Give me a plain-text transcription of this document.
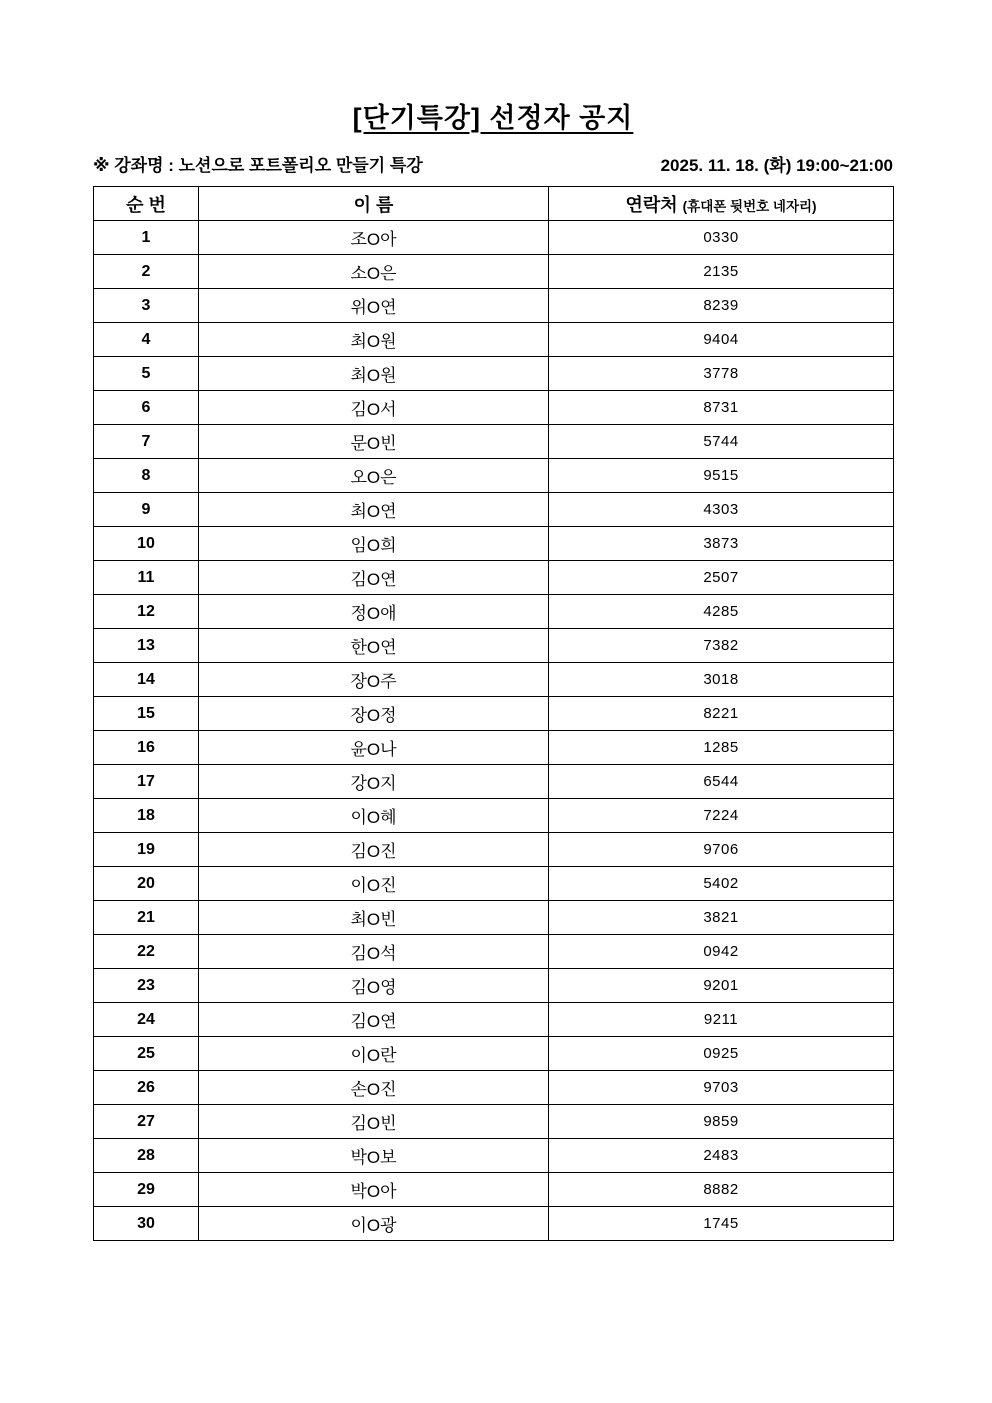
[단기특강] 선정자 공지
※ 강좌명 : 노션으로 포트폴리오 만들기 특강	2025. 11. 18. (화) 19:00~21:00
순 번	이 름	연락처 (휴대폰 뒷번호 네자리)
1	조O아	0330
2	소O은	2135
3	위O연	8239
4	최O원	9404
5	최O원	3778
6	김O서	8731
7	문O빈	5744
8	오O은	9515
9	최O연	4303
10	임O희	3873
11	김O연	2507
12	정O애	4285
13	한O연	7382
14	장O주	3018
15	장O정	8221
16	윤O나	1285
17	강O지	6544
18	이O혜	7224
19	김O진	9706
20	이O진	5402
21	최O빈	3821
22	김O석	0942
23	김O영	9201
24	김O연	9211
25	이O란	0925
26	손O진	9703
27	김O빈	9859
28	박O보	2483
29	박O아	8882
30	이O광	1745
